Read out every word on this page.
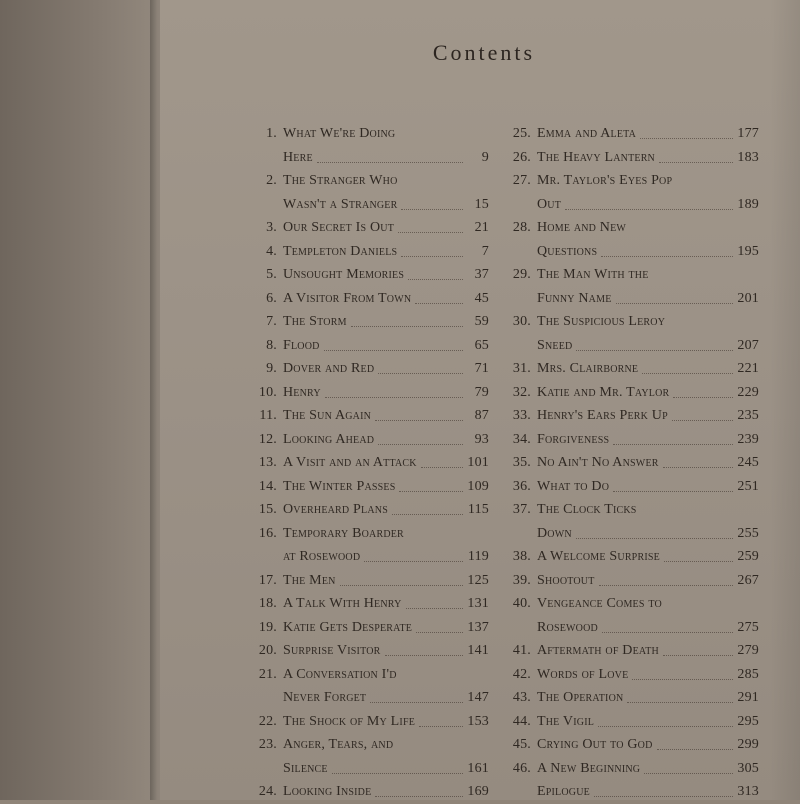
Contents
1. What We're Doing
Here	9
2. The Stranger Who
Wasn't a Stranger	15
3. Our Secret Is Out	21
4. Templeton Daniels	7
5. Unsought Memories	37
6. A Visitor From Town	45
7. The Storm	59
8. Flood	65
9. Dover and Red	71
10. Henry	79
11. The Sun Again	87
12. Looking Ahead	93
13. A Visit and an Attack	101
14. The Winter Passes	109
15. Overheard Plans	115
16. Temporary Boarder
at Rosewood	119
17. The Men	125
18. A Talk With Henry	131
19. Katie Gets Desperate	137
20. Surprise Visitor	141
21. A Conversation I'd
Never Forget	147
22. The Shock of My Life	153
23. Anger, Tears, and
Silence	161
24. Looking Inside	169
25. Emma and Aleta	177
26. The Heavy Lantern	183
27. Mr. Taylor's Eyes Pop
Out	189
28. Home and New
Questions	195
29. The Man With the
Funny Name	201
30. The Suspicious Leroy
Sneed	207
31. Mrs. Clairborne	221
32. Katie and Mr. Taylor	229
33. Henry's Ears Perk Up	235
34. Forgiveness	239
35. No Ain't No Answer	245
36. What to Do	251
37. The Clock Ticks
Down	255
38. A Welcome Surprise	259
39. Shootout	267
40. Vengeance Comes to
Rosewood	275
41. Aftermath of Death	279
42. Words of Love	285
43. The Operation	291
44. The Vigil	295
45. Crying Out to God	299
46. A New Beginning	305
Epilogue	313
